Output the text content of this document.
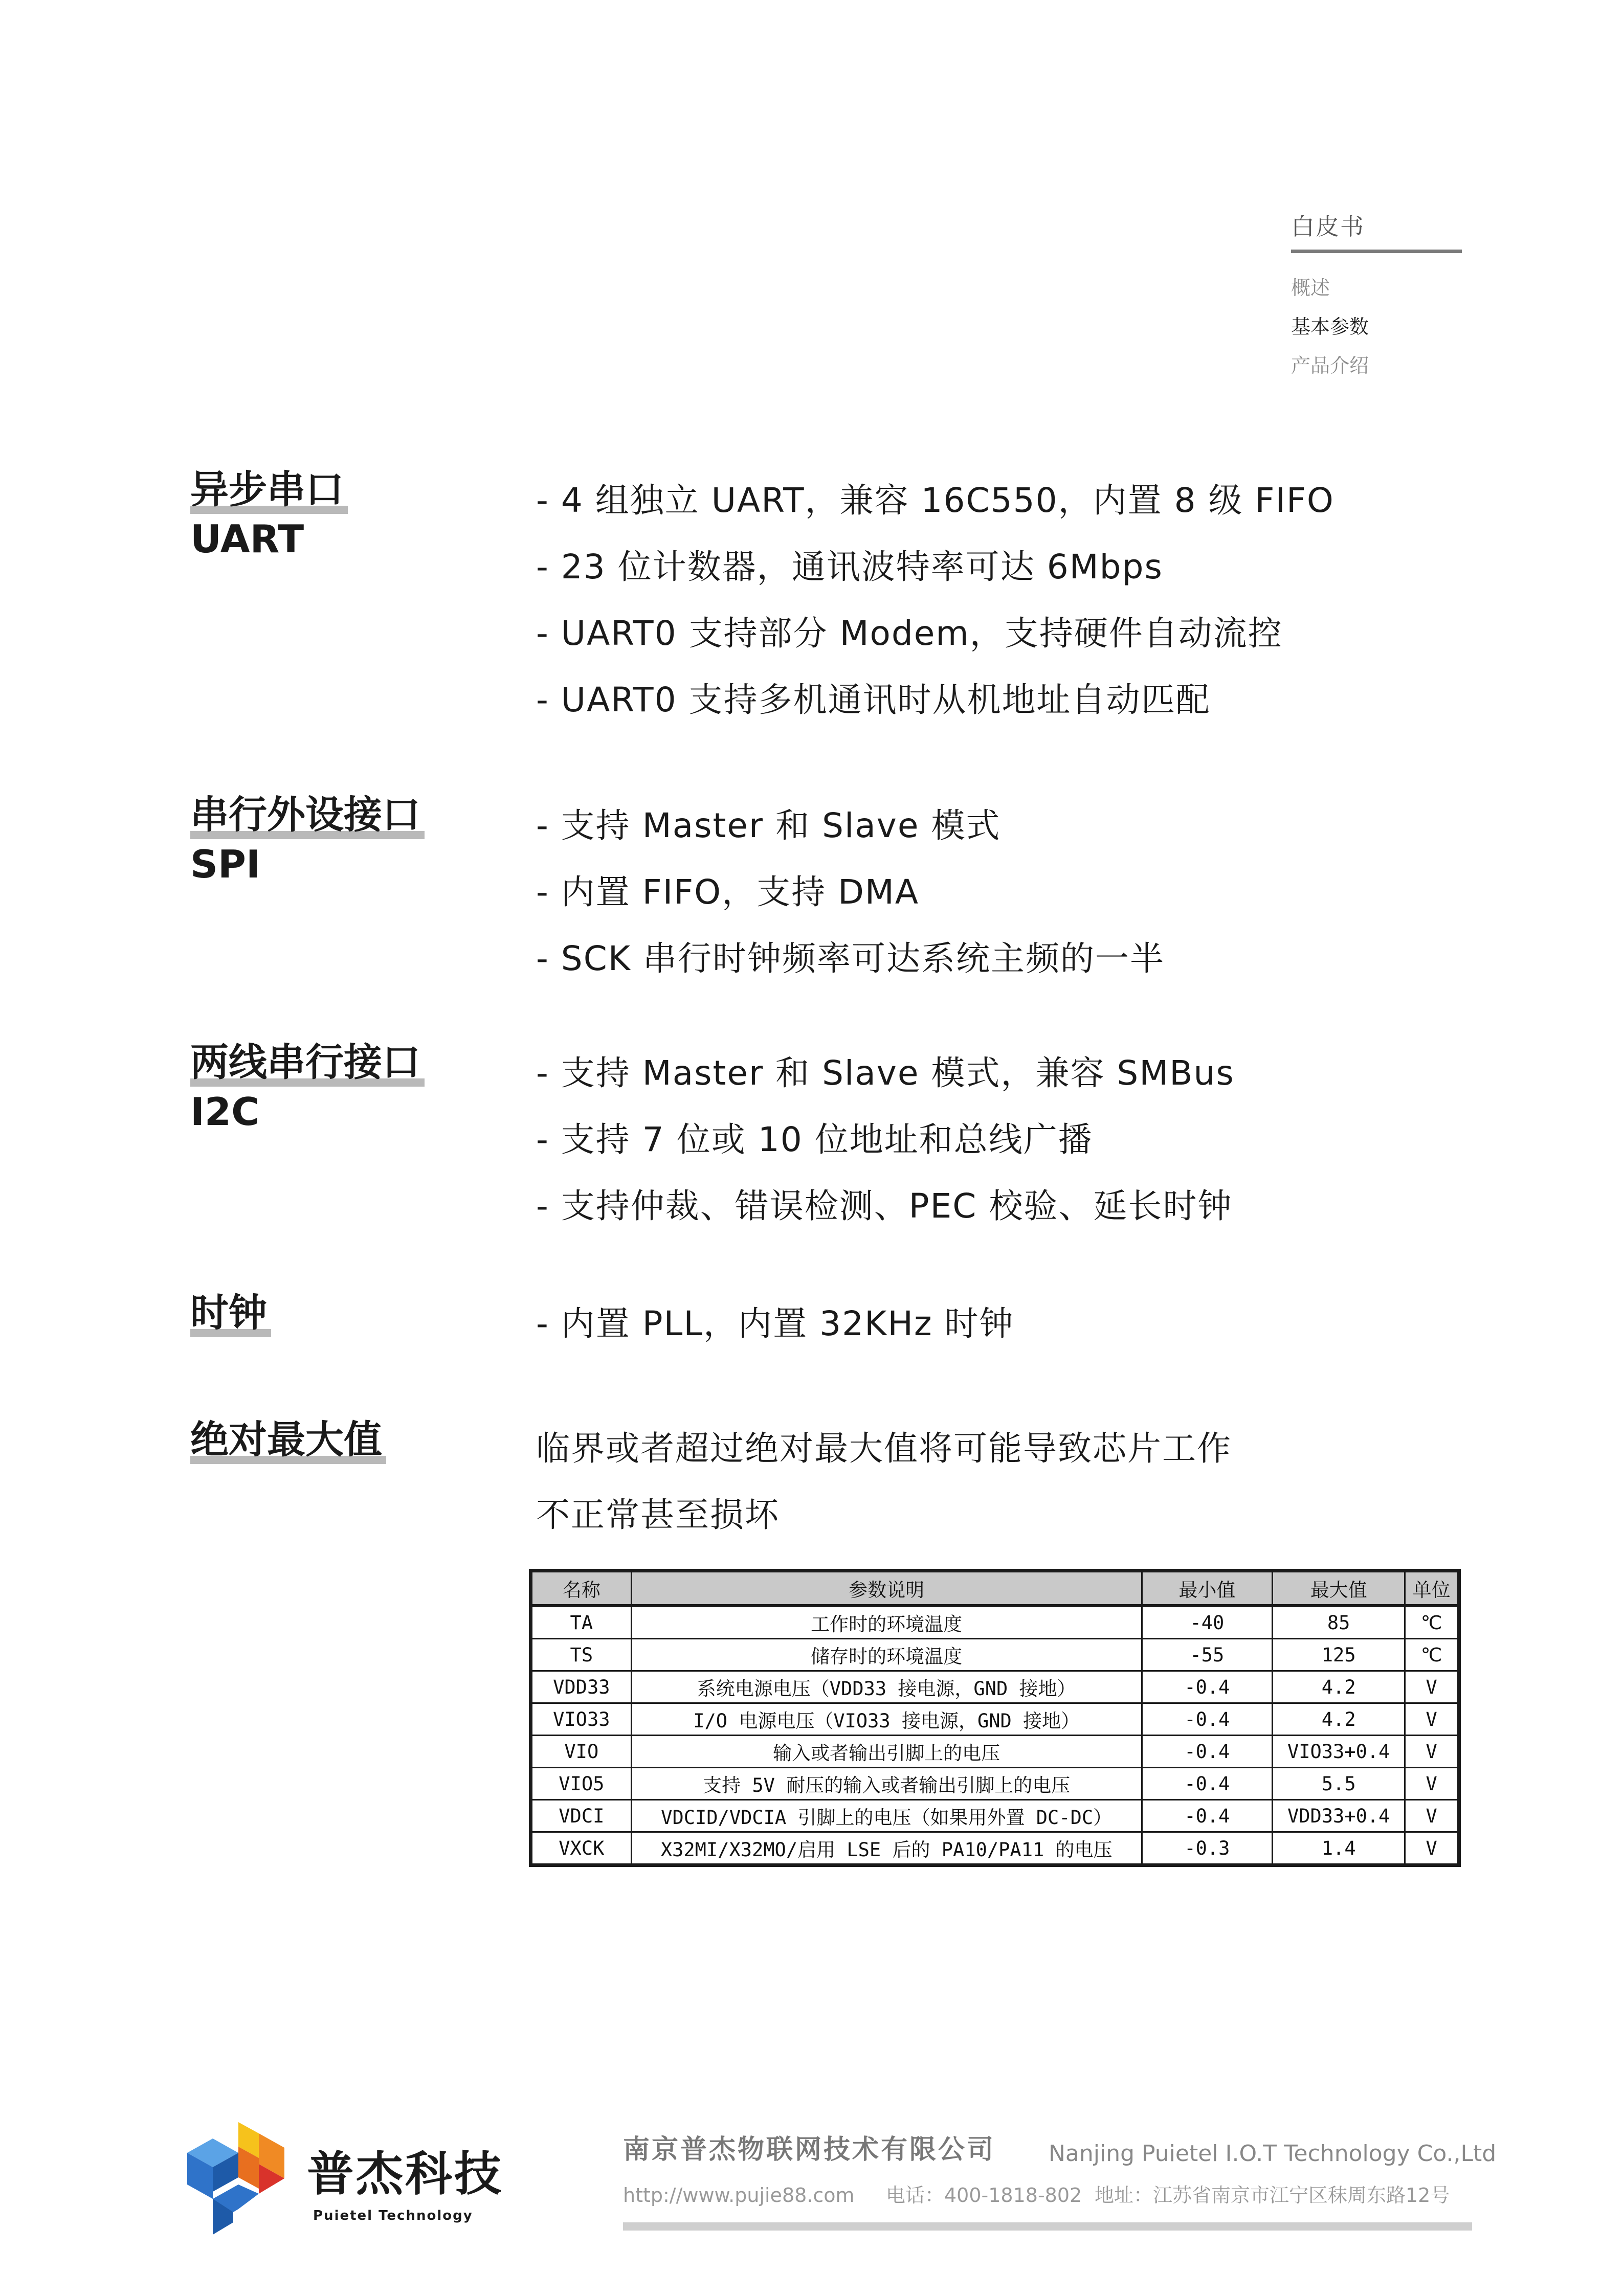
白皮书
概述
基本参数
产品介绍
异步串口
UART
- 4 组独立 UART，兼容 16C550，内置 8 级 FIFO
- 23 位计数器，通讯波特率可达 6Mbps
- UART0 支持部分 Modem，支持硬件自动流控
- UART0 支持多机通讯时从机地址自动匹配
串行外设接口
SPI
- 支持 Master 和 Slave 模式
- 内置 FIFO，支持 DMA
- SCK 串行时钟频率可达系统主频的一半
两线串行接口
I2C
- 支持 Master 和 Slave 模式，兼容 SMBus
- 支持 7 位或 10 位地址和总线广播
- 支持仲裁、错误检测、PEC 校验、延长时钟
时钟	- 内置 PLL，内置 32KHz 时钟
绝对最大值	临界或者超过绝对最大值将可能导致芯片工作
不正常甚至损坏
名称	参数说明	最小值	最大值	单位
TA	工作时的环境温度	-40	85	℃
TS	储存时的环境温度	-55	125	℃
VDD33	系统电源电压（VDD33 接电源，GND 接地）	-0.4	4.2	V
VIO33	I/O 电源电压（VIO33 接电源，GND 接地）	-0.4	4.2	V
VIO	输入或者输出引脚上的电压	-0.4	VIO33+0.4	V
VIO5	支持 5V 耐压的输入或者输出引脚上的电压	-0.4	5.5	V
VDCI	VDCID/VDCIA 引脚上的电压（如果用外置 DC-DC）	-0.4	VDD33+0.4	V
VXCK	X32MI/X32MO/启用 LSE 后的 PA10/PA11 的电压	-0.3	1.4	V
普杰科技
Puietel Technology
南京普杰物联网技术有限公司 Nanjing Puietel I.O.T Technology Co.,Ltd
http://www.pujie88.com 电话：400-1818-802 地址：江苏省南京市江宁区秣周东路12号
